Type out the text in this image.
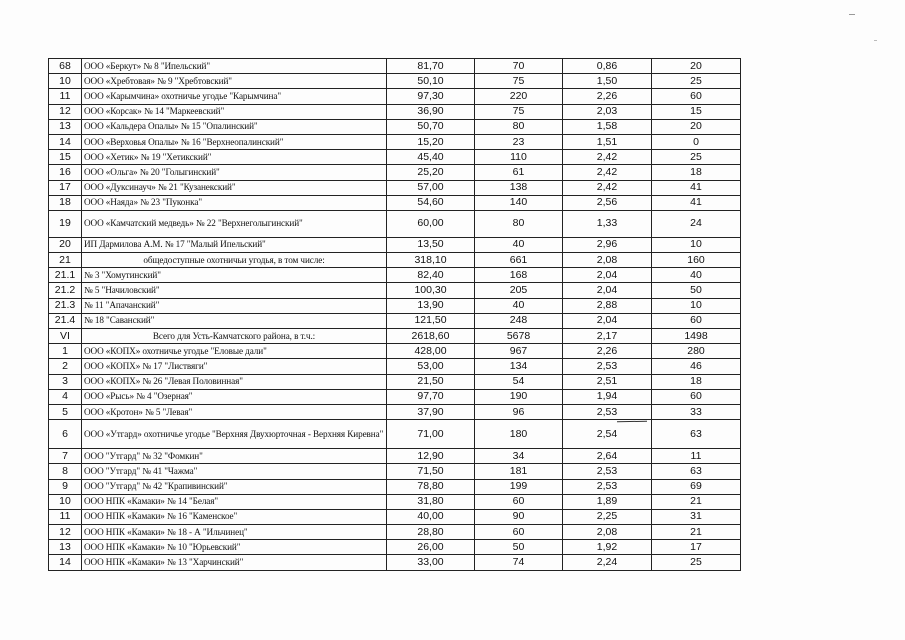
68	ООО «Беркут» № 8 "Ипельский"	81,70	70	0,86	20
10	ООО «Хребтовая» № 9 "Хребтовский"	50,10	75	1,50	25
11	ООО «Карымчина» охотничье угодье "Карымчина"	97,30	220	2,26	60
12	ООО «Корсак» № 14 "Маркеевский"	36,90	75	2,03	15
13	ООО «Кальдера Опалы» № 15 "Опалинский"	50,70	80	1,58	20
14	ООО «Верховья Опалы» № 16 "Верхнеопалинский"	15,20	23	1,51	0
15	ООО «Хетик» № 19 "Хетикский"	45,40	110	2,42	25
16	ООО «Ольга» № 20 "Голыгинский"	25,20	61	2,42	18
17	ООО «Дуксинауч» № 21 "Кузанекский"	57,00	138	2,42	41
18	ООО «Наяда» № 23 "Пуконка"	54,60	140	2,56	41
19	ООО «Камчатский медведь» № 22 "Верхнеголыгинский"	60,00	80	1,33	24
20	ИП Дармилова А.М. № 17 "Малый Ипельский"	13,50	40	2,96	10
21	общедоступные охотничьи угодья, в том числе:	318,10	661	2,08	160
21.1	№ 3 "Хомутинский"	82,40	168	2,04	40
21.2	№ 5 "Начиловский"	100,30	205	2,04	50
21.3	№ 11 "Апачанский"	13,90	40	2,88	10
21.4	№ 18 "Саванский"	121,50	248	2,04	60
VI	Всего для Усть-Камчатского района, в т.ч.:	2618,60	5678	2,17	1498
1	ООО «КОПХ» охотничье угодье "Еловые дали"	428,00	967	2,26	280
2	ООО «КОПХ» № 17 "Листвяги"	53,00	134	2,53	46
3	ООО «КОПХ» № 26 "Левая Половинная"	21,50	54	2,51	18
4	ООО «Рысь» № 4 "Озерная"	97,70	190	1,94	60
5	ООО «Кротон» № 5 "Левая"	37,90	96	2,53	33
6	ООО «Утгард» охотничье угодье "Верхняя Двухюрточная - Верхняя Киревна"	71,00	180	2,54	63
7	ООО "Утгард" № 32 "Фомкин"	12,90	34	2,64	11
8	ООО "Утгард" № 41 "Чажма"	71,50	181	2,53	63
9	ООО "Утгард" № 42 "Крапивинский"	78,80	199	2,53	69
10	ООО НПК «Камаки» № 14 "Белая"	31,80	60	1,89	21
11	ООО НПК «Камаки» № 16 "Каменское"	40,00	90	2,25	31
12	ООО НПК «Камаки» № 18 - А "Ильчинец"	28,80	60	2,08	21
13	ООО НПК «Камаки» № 10 "Юрьевский"	26,00	50	1,92	17
14	ООО НПК «Камаки» № 13 "Харчинский"	33,00	74	2,24	25
